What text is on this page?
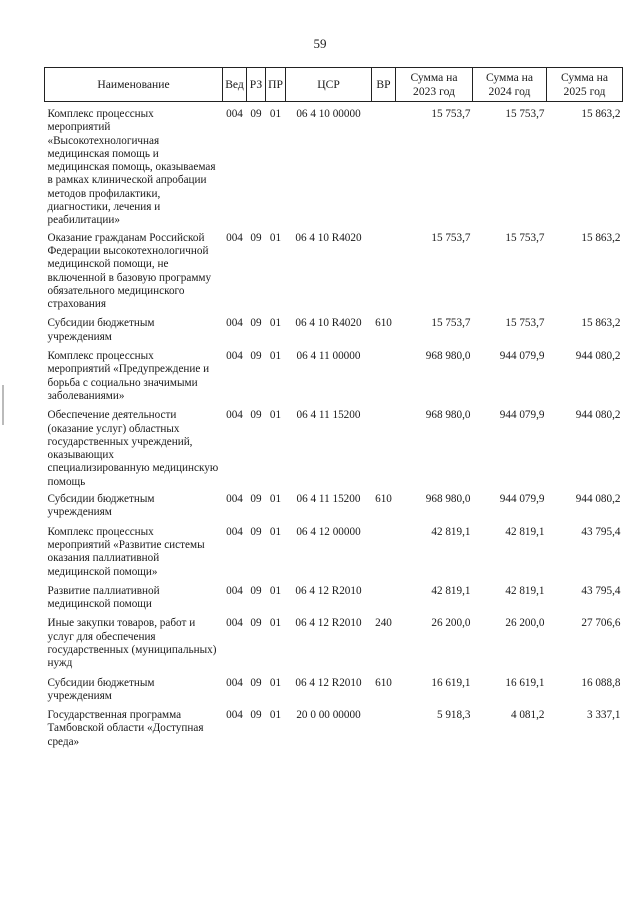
59
Наименование	Вед	РЗ	ПР	ЦСР	ВР	Сумма на 2023 год	Сумма на 2024 год	Сумма на 2025 год
Комплекс процессных мероприятий «Высокотехнологичная медицинская помощь и медицинская помощь, оказываемая в рамках клинической апробации методов профилактики, диагностики, лечения и реабилитации»	004	09	01	06 4 10 00000		15 753,7	15 753,7	15 863,2
Оказание гражданам Российской Федерации высокотехнологичной медицинской помощи, не включенной в базовую программу обязательного медицинского страхования	004	09	01	06 4 10 R4020		15 753,7	15 753,7	15 863,2
Субсидии бюджетным учреждениям	004	09	01	06 4 10 R4020	610	15 753,7	15 753,7	15 863,2
Комплекс процессных мероприятий «Предупреждение и борьба с социально значимыми заболеваниями»	004	09	01	06 4 11 00000		968 980,0	944 079,9	944 080,2
Обеспечение деятельности (оказание услуг) областных государственных учреждений, оказывающих специализированную медицинскую помощь	004	09	01	06 4 11 15200		968 980,0	944 079,9	944 080,2
Субсидии бюджетным учреждениям	004	09	01	06 4 11 15200	610	968 980,0	944 079,9	944 080,2
Комплекс процессных мероприятий «Развитие системы оказания паллиативной медицинской помощи»	004	09	01	06 4 12 00000		42 819,1	42 819,1	43 795,4
Развитие паллиативной медицинской помощи	004	09	01	06 4 12 R2010		42 819,1	42 819,1	43 795,4
Иные закупки товаров, работ и услуг для обеспечения государственных (муниципальных) нужд	004	09	01	06 4 12 R2010	240	26 200,0	26 200,0	27 706,6
Субсидии бюджетным учреждениям	004	09	01	06 4 12 R2010	610	16 619,1	16 619,1	16 088,8
Государственная программа Тамбовской области «Доступная среда»	004	09	01	20 0 00 00000		5 918,3	4 081,2	3 337,1
